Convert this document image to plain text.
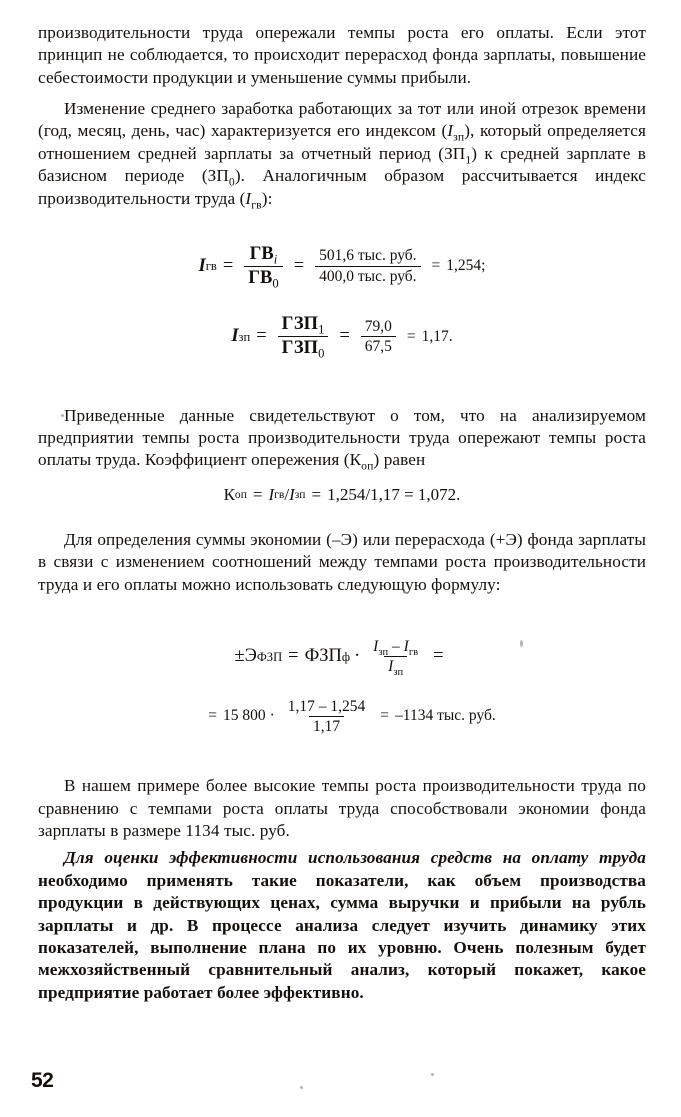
производительности труда опережали темпы роста его оплаты. Если этот принцип не соблюдается, то происходит перерасход фонда зарплаты, повышение себестоимости продукции и уменьшение суммы прибыли.

Изменение среднего заработка работающих за тот или иной отрезок времени (год, месяц, день, час) характеризуется его индексом $(I_{зп})$, который определяется отношением средней зарплаты за отчетный период $(ЗП_1)$ к средней зарплате в базисном периоде $(ЗП_0)$. Аналогичным образом рассчитывается индекс производительности труда $(I_{гв})$:

I гв = $\frac{ГВ_i}{ГВ_0} = \frac{\text{501,6 тыс. руб.}}{\text{400,0 тыс. руб.}} = 1,254$;
I зп = $\frac{ГЗП_1}{ГЗП_0} = \frac{79,0}{67,5} = 1,17$.

Приведенные данные свидетельствуют о том, что на анализируемом предприятии темпы роста производительности труда опережают темпы роста оплаты труда. Коэффициент опережения $(К_{оп})$ равен

К оп = I гв / I зп = 1,254/1,17 = 1,072.

Для определения суммы экономии (–Э) или перерасхода (+Э) фонда зарплаты в связи с изменением соотношений между темпами роста производительности труда и его оплаты можно использовать следующую формулу:

±Э ФЗП = ФЗП $ф \cdot \frac{I_{зп} - I_{гв}}{I_{зп}}$ =
= 15 $800 \cdot \frac{1,17 - 1,254}{1,17} = -1134$ тыс. руб.

В нашем примере более высокие темпы роста производительности труда по сравнению с темпами роста оплаты труда способствовали экономии фонда зарплаты в размере 1134 тыс. руб.

Для оценки эффективности использования средств на оплату труда необходимо применять такие показатели, как объем производства продукции в действующих ценах, сумма выручки и прибыли на рубль зарплаты и др. В процессе анализа следует изучить динамику этих показателей, выполнение плана по их уровню. Очень полезным будет межхозяйственный сравнительный анализ, который покажет, какое предприятие работает более эффективно.

52
